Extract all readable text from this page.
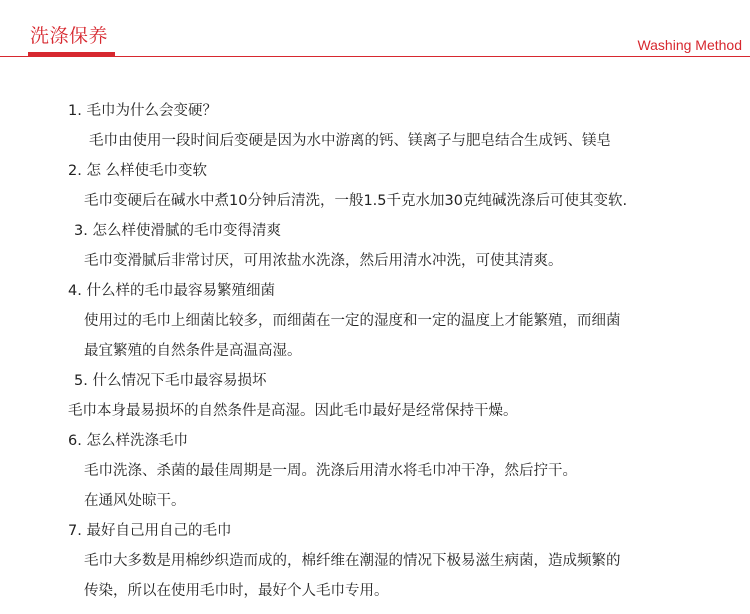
洗涤保养	Washing Method
1. 毛巾为什么会变硬？
毛巾由使用一段时间后变硬是因为水中游离的钙、镁离子与肥皂结合生成钙、镁皂
2. 怎 么样使毛巾变软
毛巾变硬后在碱水中煮10分钟后清洗，一般1.5千克水加30克纯碱洗涤后可使其变软.
3. 怎么样使滑腻的毛巾变得清爽
毛巾变滑腻后非常讨厌，可用浓盐水洗涤，然后用清水冲洗，可使其清爽。
4. 什么样的毛巾最容易繁殖细菌
使用过的毛巾上细菌比较多，而细菌在一定的湿度和一定的温度上才能繁殖，而细菌
最宜繁殖的自然条件是高温高湿。
5. 什么情况下毛巾最容易损坏
毛巾本身最易损坏的自然条件是高湿。因此毛巾最好是经常保持干燥。
6. 怎么样洗涤毛巾
毛巾洗涤、杀菌的最佳周期是一周。洗涤后用清水将毛巾冲干净，然后拧干。
在通风处晾干。
7. 最好自己用自己的毛巾
毛巾大多数是用棉纱织造而成的，棉纤维在潮湿的情况下极易滋生病菌，造成频繁的
传染，所以在使用毛巾时，最好个人毛巾专用。
